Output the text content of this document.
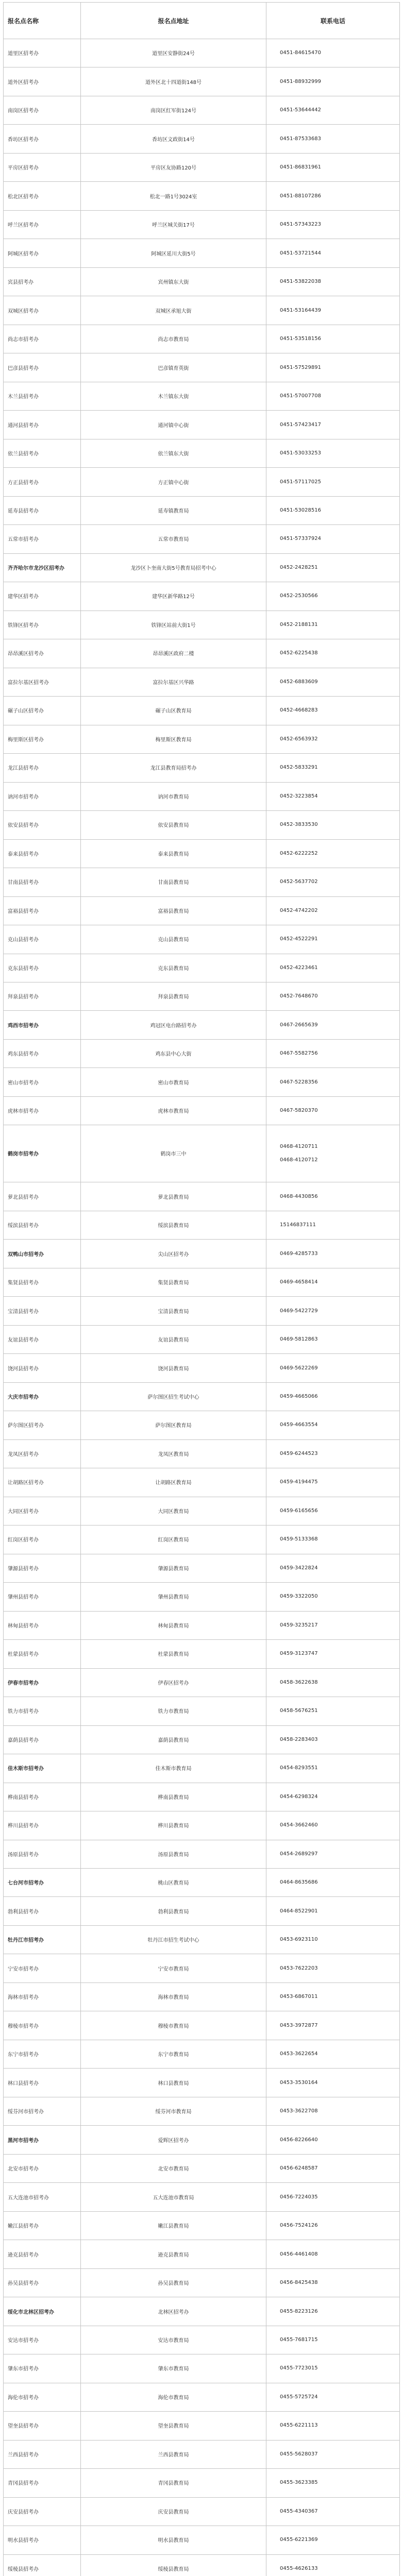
报名点名称	报名点地址	联系电话
道里区招考办	道里区安静街24号	0451-84615470
道外区招考办	道外区北十四道街148号	0451-88932999
南岗区招考办	南岗区红军街124号	0451-53644442
香坊区招考办	香坊区文政街14号	0451-87533683
平房区招考办	平房区友协路120号	0451-86831961
松北区招考办	松北一路1号3024室	0451-88107286
呼兰区招考办	呼兰区城关街17号	0451-57343223
阿城区招考办	阿城区延川大街5号	0451-53721544
宾县招考办	宾州镇东大街	0451-53822038
双城区招考办	双城区承旭大街	0451-53164439
尚志市招考办	尚志市教育局	0451-53518156
巴彦县招考办	巴彦镇育英街	0451-57529891
木兰县招考办	木兰镇东大街	0451-57007708
通河县招考办	通河镇中心街	0451-57423417
依兰县招考办	依兰镇东大街	0451-53033253
方正县招考办	方正镇中心街	0451-57117025
延寿县招考办	延寿镇教育局	0451-53028516
五常市招考办	五常市教育局	0451-57337924
齐齐哈尔市龙沙区招考办	龙沙区卜奎南大街5号教育局招考中心	0452-2428251
建华区招考办	建华区新华路12号	0452-2530566
铁锋区招考办	铁锋区站前大街1号	0452-2188131
昂昂溪区招考办	昂昂溪区政府二楼	0452-6225438
富拉尔基区招考办	富拉尔基区兴华路	0452-6883609
碾子山区招考办	碾子山区教育局	0452-4668283
梅里斯区招考办	梅里斯区教育局	0452-6563932
龙江县招考办	龙江县教育局招考办	0452-5833291
讷河市招考办	讷河市教育局	0452-3223854
依安县招考办	依安县教育局	0452-3833530
泰来县招考办	泰来县教育局	0452-6222252
甘南县招考办	甘南县教育局	0452-5637702
富裕县招考办	富裕县教育局	0452-4742202
克山县招考办	克山县教育局	0452-4522291
克东县招考办	克东县教育局	0452-4223461
拜泉县招考办	拜泉县教育局	0452-7648670
鸡西市招考办	鸡冠区电台路招考办	0467-2665639
鸡东县招考办	鸡东县中心大街	0467-5582756
密山市招考办	密山市教育局	0467-5228356
虎林市招考办	虎林市教育局	0467-5820370
鹤岗市招考办	鹤岗市三中
0468-4120711
0468-4120712
萝北县招考办	萝北县教育局	0468-4430856
绥滨县招考办	绥滨县教育局	15146837111
双鸭山市招考办	尖山区招考办	0469-4285733
集贤县招考办	集贤县教育局	0469-4658414
宝清县招考办	宝清县教育局	0469-5422729
友谊县招考办	友谊县教育局	0469-5812863
饶河县招考办	饶河县教育局	0469-5622269
大庆市招考办	萨尔图区招生考试中心	0459-4665066
萨尔图区招考办	萨尔图区教育局	0459-4663554
龙凤区招考办	龙凤区教育局	0459-6244523
让胡路区招考办	让胡路区教育局	0459-4194475
大同区招考办	大同区教育局	0459-6165656
红岗区招考办	红岗区教育局	0459-5133368
肇源县招考办	肇源县教育局	0459-3422824
肇州县招考办	肇州县教育局	0459-3322050
林甸县招考办	林甸县教育局	0459-3235217
杜蒙县招考办	杜蒙县教育局	0459-3123747
伊春市招考办	伊春区招考办	0458-3622638
铁力市招考办	铁力市教育局	0458-5676251
嘉荫县招考办	嘉荫县教育局	0458-2283403
佳木斯市招考办	佳木斯市教育局	0454-8293551
桦南县招考办	桦南县教育局	0454-6298324
桦川县招考办	桦川县教育局	0454-3662460
汤原县招考办	汤原县教育局	0454-2689297
七台河市招考办	桃山区教育局	0464-8635686
勃利县招考办	勃利县教育局	0464-8522901
牡丹江市招考办	牡丹江市招生考试中心	0453-6923110
宁安市招考办	宁安市教育局	0453-7622203
海林市招考办	海林市教育局	0453-6867011
穆棱市招考办	穆棱市教育局	0453-3972877
东宁市招考办	东宁市教育局	0453-3622654
林口县招考办	林口县教育局	0453-3530164
绥芬河市招考办	绥芬河市教育局	0453-3622708
黑河市招考办	爱辉区招考办	0456-8226640
北安市招考办	北安市教育局	0456-6248587
五大连池市招考办	五大连池市教育局	0456-7224035
嫩江县招考办	嫩江县教育局	0456-7524126
逊克县招考办	逊克县教育局	0456-4461408
孙吴县招考办	孙吴县教育局	0456-8425438
绥化市北林区招考办	北林区招考办	0455-8223126
安达市招考办	安达市教育局	0455-7681715
肇东市招考办	肇东市教育局	0455-7723015
海伦市招考办	海伦市教育局	0455-5725724
望奎县招考办	望奎县教育局	0455-6221113
兰西县招考办	兰西县教育局	0455-5628037
青冈县招考办	青冈县教育局	0455-3623385
庆安县招考办	庆安县教育局	0455-4340367
明水县招考办	明水县教育局	0455-6221369
绥棱县招考办	绥棱县教育局	0455-4626133
